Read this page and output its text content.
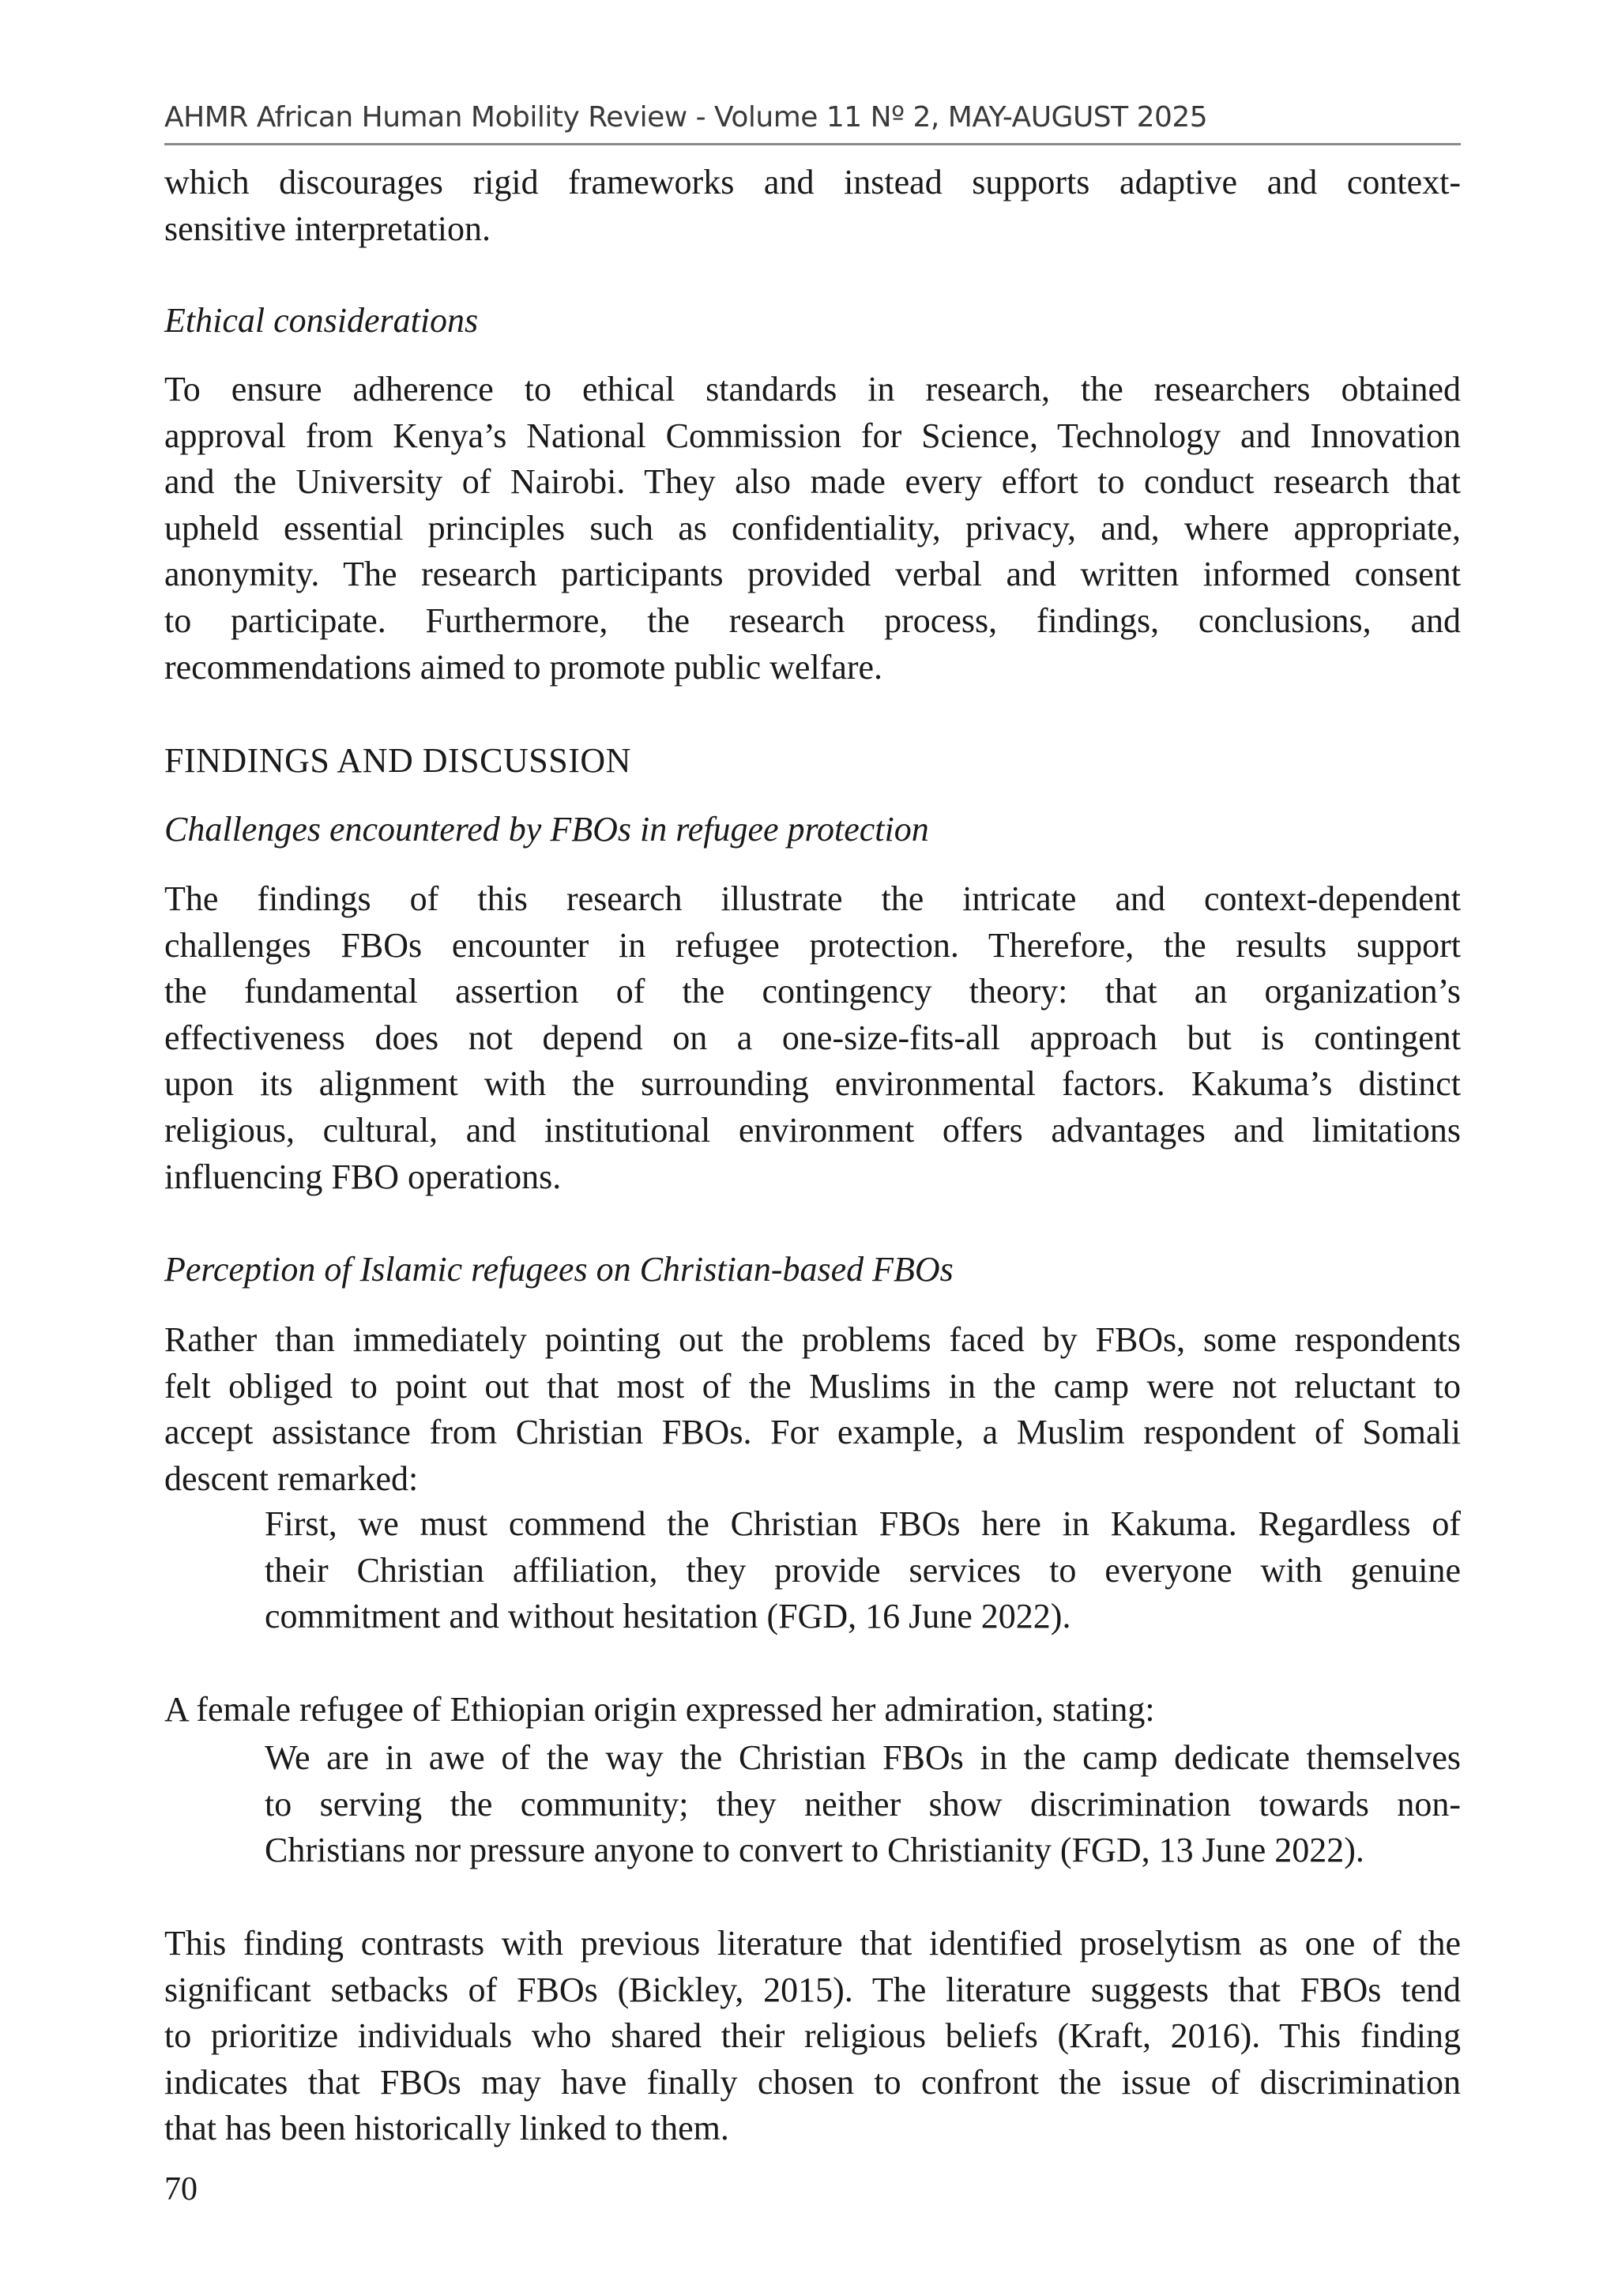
AHMR African Human Mobility Review - Volume 11 Nº 2, MAY-AUGUST 2025
which discourages rigid frameworks and instead supports adaptive and context-
sensitive interpretation.
Ethical considerations
To ensure adherence to ethical standards in research, the researchers obtained
approval from Kenya’s National Commission for Science, Technology and Innovation
and the University of Nairobi. They also made every effort to conduct research that
upheld essential principles such as confidentiality, privacy, and, where appropriate,
anonymity. The research participants provided verbal and written informed consent
to participate. Furthermore, the research process, findings, conclusions, and
recommendations aimed to promote public welfare.
FINDINGS AND DISCUSSION
Challenges encountered by FBOs in refugee protection
The findings of this research illustrate the intricate and context-dependent
challenges FBOs encounter in refugee protection. Therefore, the results support
the fundamental assertion of the contingency theory: that an organization’s
effectiveness does not depend on a one-size-fits-all approach but is contingent
upon its alignment with the surrounding environmental factors. Kakuma’s distinct
religious, cultural, and institutional environment offers advantages and limitations
influencing FBO operations.
Perception of Islamic refugees on Christian-based FBOs
Rather than immediately pointing out the problems faced by FBOs, some respondents
felt obliged to point out that most of the Muslims in the camp were not reluctant to
accept assistance from Christian FBOs. For example, a Muslim respondent of Somali
descent remarked:
First, we must commend the Christian FBOs here in Kakuma. Regardless of
their Christian affiliation, they provide services to everyone with genuine
commitment and without hesitation (FGD, 16 June 2022).
A female refugee of Ethiopian origin expressed her admiration, stating:
We are in awe of the way the Christian FBOs in the camp dedicate themselves
to serving the community; they neither show discrimination towards non-
Christians nor pressure anyone to convert to Christianity (FGD, 13 June 2022).
This finding contrasts with previous literature that identified proselytism as one of the
significant setbacks of FBOs (Bickley, 2015). The literature suggests that FBOs tend
to prioritize individuals who shared their religious beliefs (Kraft, 2016). This finding
indicates that FBOs may have finally chosen to confront the issue of discrimination
that has been historically linked to them.
70
